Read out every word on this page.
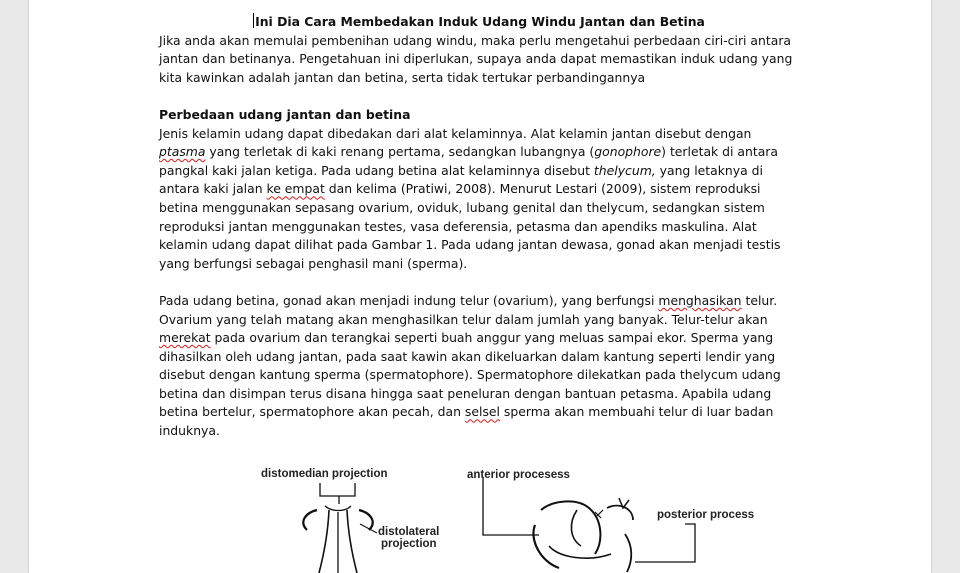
Ini Dia Cara Membedakan Induk Udang Windu Jantan dan Betina

Jika anda akan memulai pembenihan udang windu, maka perlu mengetahui perbedaan ciri-ciri antara jantan dan betinanya. Pengetahuan ini diperlukan, supaya anda dapat memastikan induk udang yang kita kawinkan adalah jantan dan betina, serta tidak tertukar perbandingannya

Perbedaan udang jantan dan betina

Jenis kelamin udang dapat dibedakan dari alat kelaminnya. Alat kelamin jantan disebut dengan ptasma yang terletak di kaki renang pertama, sedangkan lubangnya (gonophore) terletak di antara pangkal kaki jalan ketiga. Pada udang betina alat kelaminnya disebut thelycum, yang letaknya di antara kaki jalan ke empat dan kelima (Pratiwi, 2008). Menurut Lestari (2009), sistem reproduksi betina menggunakan sepasang ovarium, oviduk, lubang genital dan thelycum, sedangkan sistem reproduksi jantan menggunakan testes, vasa deferensia, petasma dan apendiks maskulina. Alat kelamin udang dapat dilihat pada Gambar 1. Pada udang jantan dewasa, gonad akan menjadi testis yang berfungsi sebagai penghasil mani (sperma).

Pada udang betina, gonad akan menjadi indung telur (ovarium), yang berfungsi menghasikan telur. Ovarium yang telah matang akan menghasilkan telur dalam jumlah yang banyak. Telur-telur akan merekat pada ovarium dan terangkai seperti buah anggur yang meluas sampai ekor. Sperma yang dihasilkan oleh udang jantan, pada saat kawin akan dikeluarkan dalam kantung seperti lendir yang disebut dengan kantung sperma (spermatophore). Spermatophore dilekatkan pada thelycum udang betina dan disimpan terus disana hingga saat peneluran dengan bantuan petasma. Apabila udang betina bertelur, spermatophore akan pecah, dan selsel sperma akan membuahi telur di luar badan induknya.

distomedian projection
distolateral
projection
anterior procesess
posterior process
